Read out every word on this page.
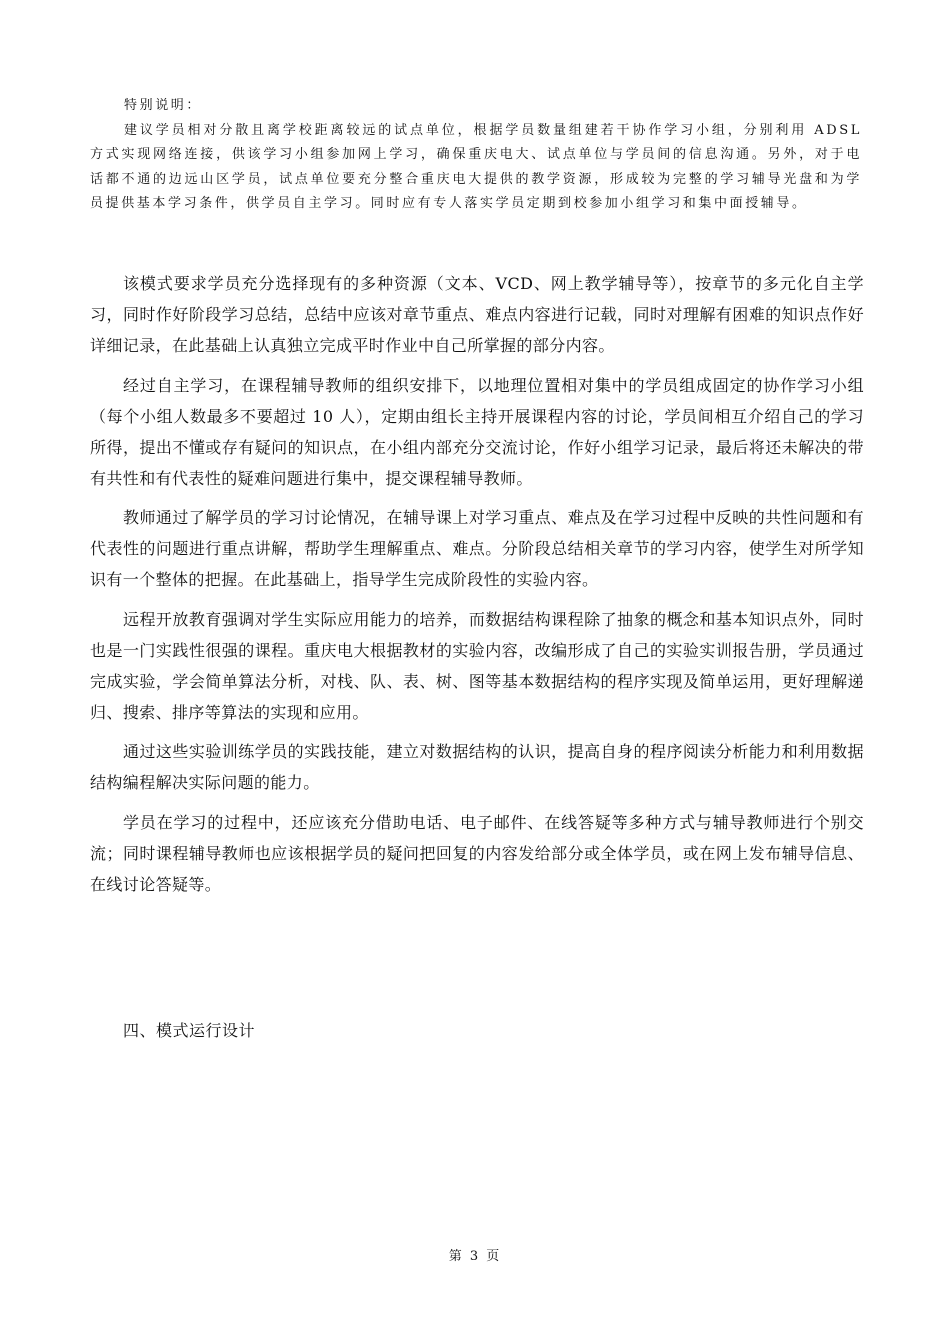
特别说明：

建议学员相对分散且离学校距离较远的试点单位，根据学员数量组建若干协作学习小组，分别利用 ADSL 方式实现网络连接，供该学习小组参加网上学习，确保重庆电大、试点单位与学员间的信息沟通。另外，对于电话都不通的边远山区学员，试点单位要充分整合重庆电大提供的教学资源，形成较为完整的学习辅导光盘和为学员提供基本学习条件，供学员自主学习。同时应有专人落实学员定期到校参加小组学习和集中面授辅导。

该模式要求学员充分选择现有的多种资源（文本、VCD、网上教学辅导等），按章节的多元化自主学习，同时作好阶段学习总结，总结中应该对章节重点、难点内容进行记载，同时对理解有困难的知识点作好详细记录，在此基础上认真独立完成平时作业中自己所掌握的部分内容。

经过自主学习，在课程辅导教师的组织安排下，以地理位置相对集中的学员组成固定的协作学习小组（每个小组人数最多不要超过 10 人），定期由组长主持开展课程内容的讨论，学员间相互介绍自己的学习所得，提出不懂或存有疑问的知识点，在小组内部充分交流讨论，作好小组学习记录，最后将还未解决的带有共性和有代表性的疑难问题进行集中，提交课程辅导教师。

教师通过了解学员的学习讨论情况，在辅导课上对学习重点、难点及在学习过程中反映的共性问题和有代表性的问题进行重点讲解，帮助学生理解重点、难点。分阶段总结相关章节的学习内容，使学生对所学知识有一个整体的把握。在此基础上，指导学生完成阶段性的实验内容。

远程开放教育强调对学生实际应用能力的培养，而数据结构课程除了抽象的概念和基本知识点外，同时也是一门实践性很强的课程。重庆电大根据教材的实验内容，改编形成了自己的实验实训报告册，学员通过完成实验，学会简单算法分析，对栈、队、表、树、图等基本数据结构的程序实现及简单运用，更好理解递归、搜索、排序等算法的实现和应用。

通过这些实验训练学员的实践技能，建立对数据结构的认识，提高自身的程序阅读分析能力和利用数据结构编程解决实际问题的能力。

学员在学习的过程中，还应该充分借助电话、电子邮件、在线答疑等多种方式与辅导教师进行个别交流；同时课程辅导教师也应该根据学员的疑问把回复的内容发给部分或全体学员，或在网上发布辅导信息、在线讨论答疑等。

四、模式运行设计
第 3 页
